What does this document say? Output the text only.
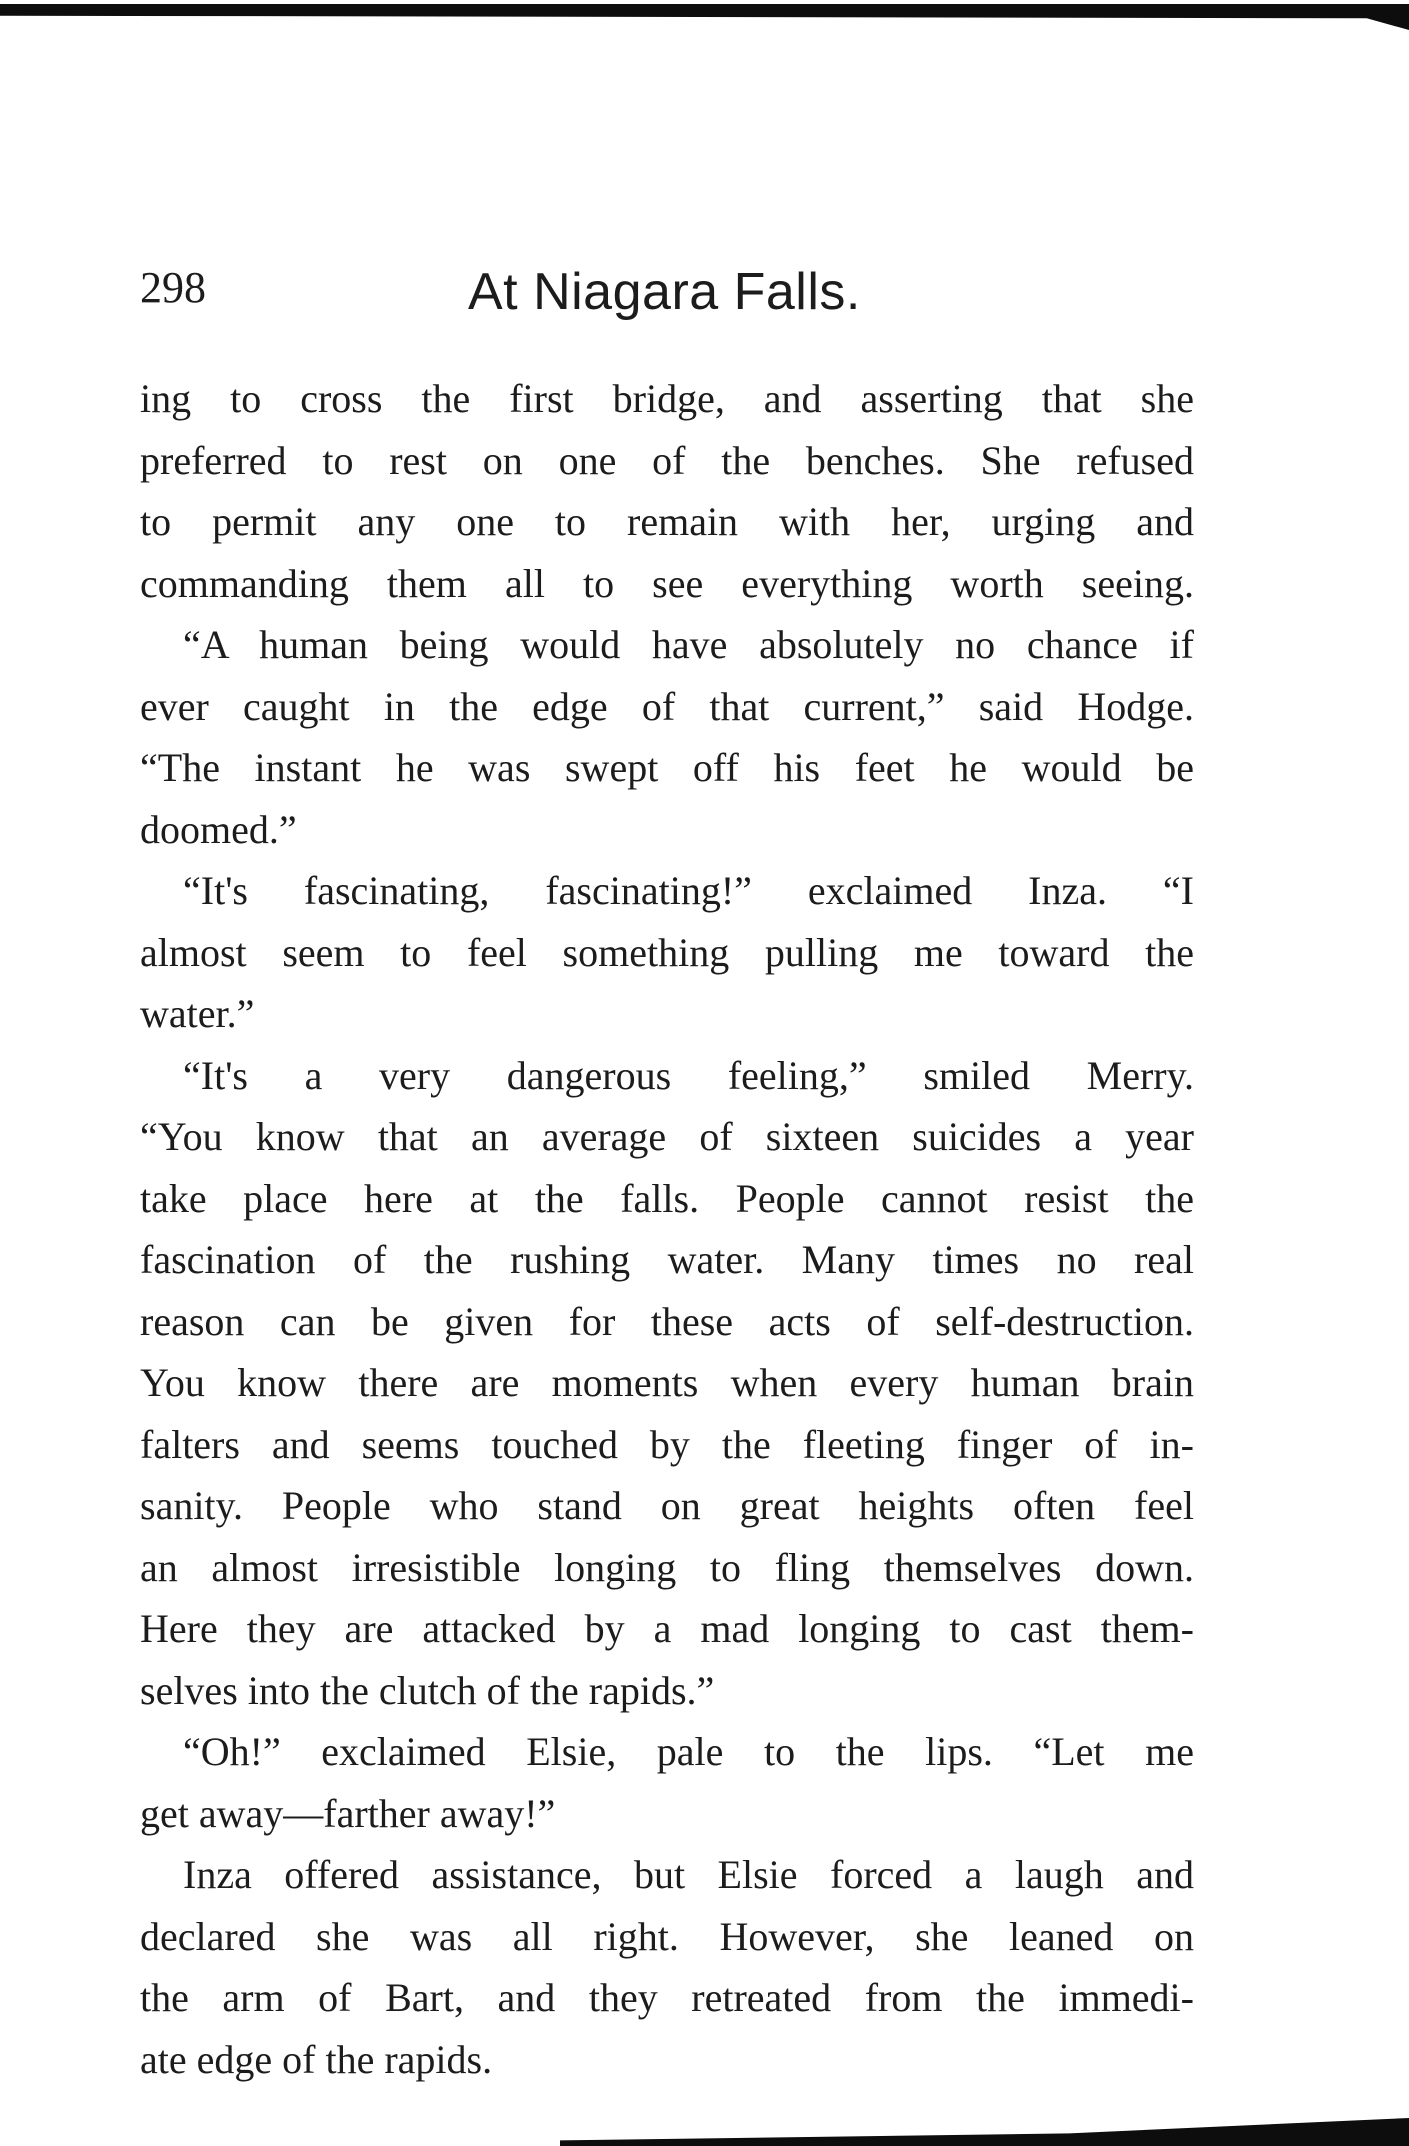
298	At Niagara Falls.

ing to cross the first bridge, and asserting that she
preferred to rest on one of the benches. She refused
to permit any one to remain with her, urging and
commanding them all to see everything worth seeing.

“A human being would have absolutely no chance if
ever caught in the edge of that current,” said Hodge.
“The instant he was swept off his feet he would be
doomed.”

“It's fascinating, fascinating!” exclaimed Inza. “I
almost seem to feel something pulling me toward the
water.”

“It's a very dangerous feeling,” smiled Merry.
“You know that an average of sixteen suicides a year
take place here at the falls. People cannot resist the
fascination of the rushing water. Many times no real
reason can be given for these acts of self-destruction.
You know there are moments when every human brain
falters and seems touched by the fleeting finger of in-
sanity. People who stand on great heights often feel
an almost irresistible longing to fling themselves down.
Here they are attacked by a mad longing to cast them-
selves into the clutch of the rapids.”

“Oh!” exclaimed Elsie, pale to the lips. “Let me
get away—farther away!”

Inza offered assistance, but Elsie forced a laugh and
declared she was all right. However, she leaned on
the arm of Bart, and they retreated from the immedi-
ate edge of the rapids.
